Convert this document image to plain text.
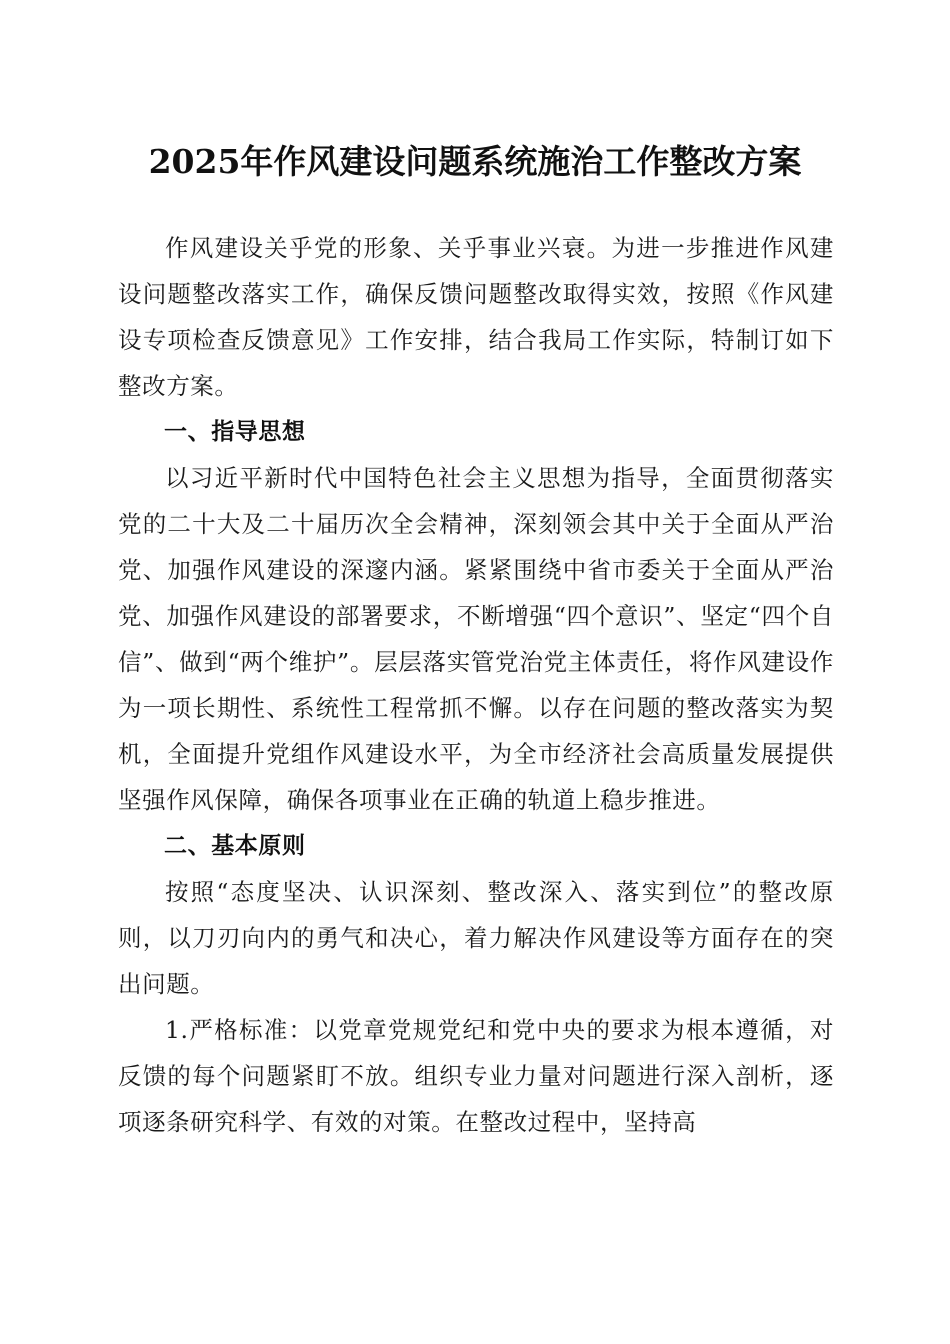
2025年作风建设问题系统施治工作整改方案

作风建设关乎党的形象、关乎事业兴衰。为进一步推进作风建设问题整改落实工作，确保反馈问题整改取得实效，按照《作风建设专项检查反馈意见》工作安排，结合我局工作实际，特制订如下整改方案。

一、指导思想

以习近平新时代中国特色社会主义思想为指导，全面贯彻落实党的二十大及二十届历次全会精神，深刻领会其中关于全面从严治党、加强作风建设的深邃内涵。紧紧围绕中省市委关于全面从严治党、加强作风建设的部署要求，不断增强“四个意识”、坚定“四个自信”、做到“两个维护”。层层落实管党治党主体责任，将作风建设作为一项长期性、系统性工程常抓不懈。以存在问题的整改落实为契机，全面提升党组作风建设水平，为全市经济社会高质量发展提供坚强作风保障，确保各项事业在正确的轨道上稳步推进。

二、基本原则

按照“态度坚决、认识深刻、整改深入、落实到位”的整改原则，以刀刃向内的勇气和决心，着力解决作风建设等方面存在的突出问题。

1.严格标准：以党章党规党纪和党中央的要求为根本遵循，对反馈的每个问题紧盯不放。组织专业力量对问题进行深入剖析，逐项逐条研究科学、有效的对策。在整改过程中，坚持高
